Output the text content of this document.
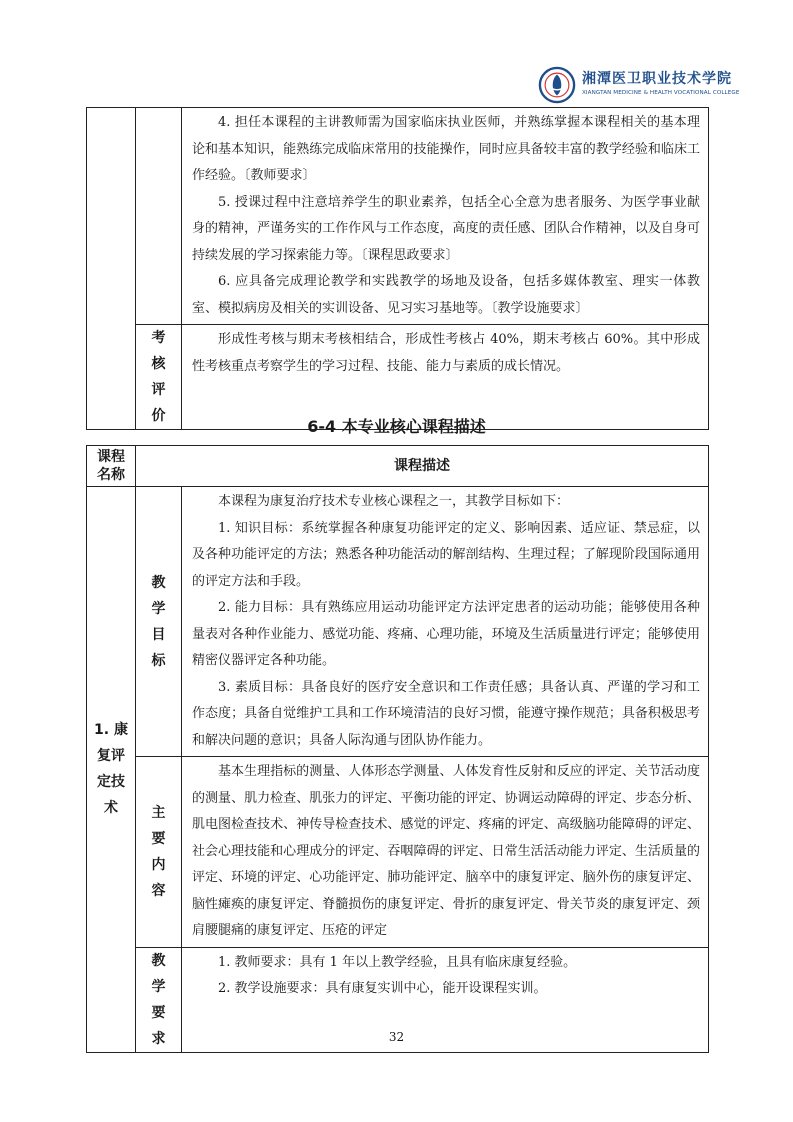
湘潭医卫职业技术学院
XIANGTAN MEDICINE & HEALTH VOCATIONAL COLLEGE

		4. 担任本课程的主讲教师需为国家临床执业医师，并熟练掌握本课程相关的基本理论和基本知识，能熟练完成临床常用的技能操作，同时应具备较丰富的教学经验和临床工作经验。〔教师要求〕

5. 授课过程中注意培养学生的职业素养，包括全心全意为患者服务、为医学事业献身的精神，严谨务实的工作作风与工作态度，高度的责任感、团队合作精神，以及自身可持续发展的学习探索能力等。〔课程思政要求〕

6. 应具备完成理论教学和实践教学的场地及设备，包括多媒体教室、理实一体教室、模拟病房及相关的实训设备、见习实习基地等。〔教学设施要求〕

	考核评价	形成性考核与期末考核相结合，形成性考核占 40%，期末考核占 60%。其中形成性考核重点考察学生的学习过程、技能、能力与素质的成长情况。

6-4 本专业核心课程描述
课程名称	课程描述	
1. 康复评定技术	教学目标	本课程为康复治疗技术专业核心课程之一，其教学目标如下：

1. 知识目标：系统掌握各种康复功能评定的定义、影响因素、适应证、禁忌症，以及各种功能评定的方法；熟悉各种功能活动的解剖结构、生理过程；了解现阶段国际通用的评定方法和手段。

2. 能力目标：具有熟练应用运动功能评定方法评定患者的运动功能；能够使用各种量表对各种作业能力、感觉功能、疼痛、心理功能，环境及生活质量进行评定；能够使用精密仪器评定各种功能。

3. 素质目标：具备良好的医疗安全意识和工作责任感；具备认真、严谨的学习和工作态度；具备自觉维护工具和工作环境清洁的良好习惯，能遵守操作规范；具备积极思考和解决问题的意识；具备人际沟通与团队协作能力。

	主要内容	基本生理指标的测量、人体形态学测量、人体发育性反射和反应的评定、关节活动度的测量、肌力检查、肌张力的评定、平衡功能的评定、协调运动障碍的评定、步态分析、肌电图检查技术、神传导检查技术、感觉的评定、疼痛的评定、高级脑功能障碍的评定、社会心理技能和心理成分的评定、吞咽障碍的评定、日常生活活动能力评定、生活质量的评定、环境的评定、心功能评定、肺功能评定、脑卒中的康复评定、脑外伤的康复评定、脑性瘫痪的康复评定、脊髓损伤的康复评定、骨折的康复评定、骨关节炎的康复评定、颈肩腰腿痛的康复评定、压疮的评定

	教学要求	1. 教师要求：具有 1 年以上教学经验，且具有临床康复经验。

2. 教学设施要求：具有康复实训中心，能开设课程实训。

32
